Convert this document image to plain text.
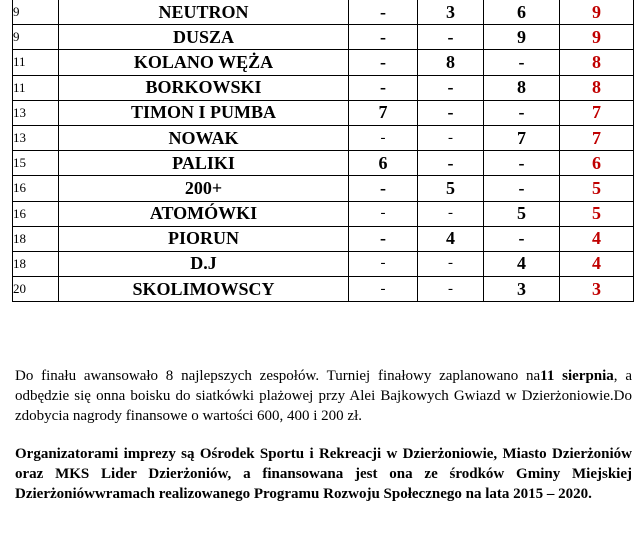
9	NEUTRON	-	3	6	9
9	DUSZA	-	-	9	9
11	KOLANO WĘŻA	-	8	-	8
11	BORKOWSKI	-	-	8	8
13	TIMON I PUMBA	7	-	-	7
13	NOWAK	-	-	7	7
15	PALIKI	6	-	-	6
16	200+	-	5	-	5
16	ATOMÓWKI	-	-	5	5
18	PIORUN	-	4	-	4
18	D.J	-	-	4	4
20	SKOLIMOWSCY	-	-	3	3

Do finału awansowało 8 najlepszych zespołów. Turniej finałowy zaplanowano na11 sierpnia, a odbędzie się onna boisku do siatkówki plażowej przy Alei Bajkowych Gwiazd w Dzierżoniowie.Do zdobycia nagrody finansowe o wartości 600, 400 i 200 zł.

Organizatorami imprezy są Ośrodek Sportu i Rekreacji w Dzierżoniowie, Miasto Dzierżoniów oraz MKS Lider Dzierżoniów, a finansowana jest ona ze środków Gminy Miejskiej Dzierżoniówwramach realizowanego Programu Rozwoju Społecznego na lata 2015 – 2020.
